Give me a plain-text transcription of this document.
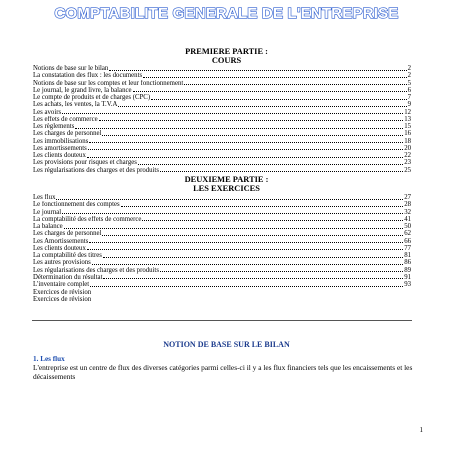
COMPTABILITE GENERALE DE L'ENTREPRISE
PREMIERE PARTIE :
COURS
Notions de base sur le bilan	2
La constatation des flux : les documents	2
Notions de base sur les comptes et leur fonctionnement	5
Le journal, le grand livre, la balance	6
Le compte de produits et de charges (CPC)	7
Les achats, les ventes, la T.V.A	9
Les avoirs	12
Les effets de commerce	13
Les règlements	15
Les charges de personnel	16
Les immobilisations	18
Les amortissements	20
Les clients douteux	22
Les provisions pour risques et charges	23
Les régularisations des charges et des produits	25
DEUXIEME PARTIE :
LES EXERCICES
Les flux	27
Le fonctionnement des comptes	28
Le journal	32
La comptabilité des effets de commerce	41
La balance	50
Les charges de personnel	62
Les Amortissements	66
Les clients douteux	77
La comptabilité des titres	81
Les autres provisions	86
Les régularisations des charges et des produits	89
Détermination du résultat	91
L'inventaire complet	93
Exercices de révision
Exercices de révision
NOTION DE BASE SUR LE BILAN
1. Les flux
L'entreprise est un centre de flux des diverses catégories parmi celles-ci il y a les flux financiers tels que les encaissements et les décaissements
1
